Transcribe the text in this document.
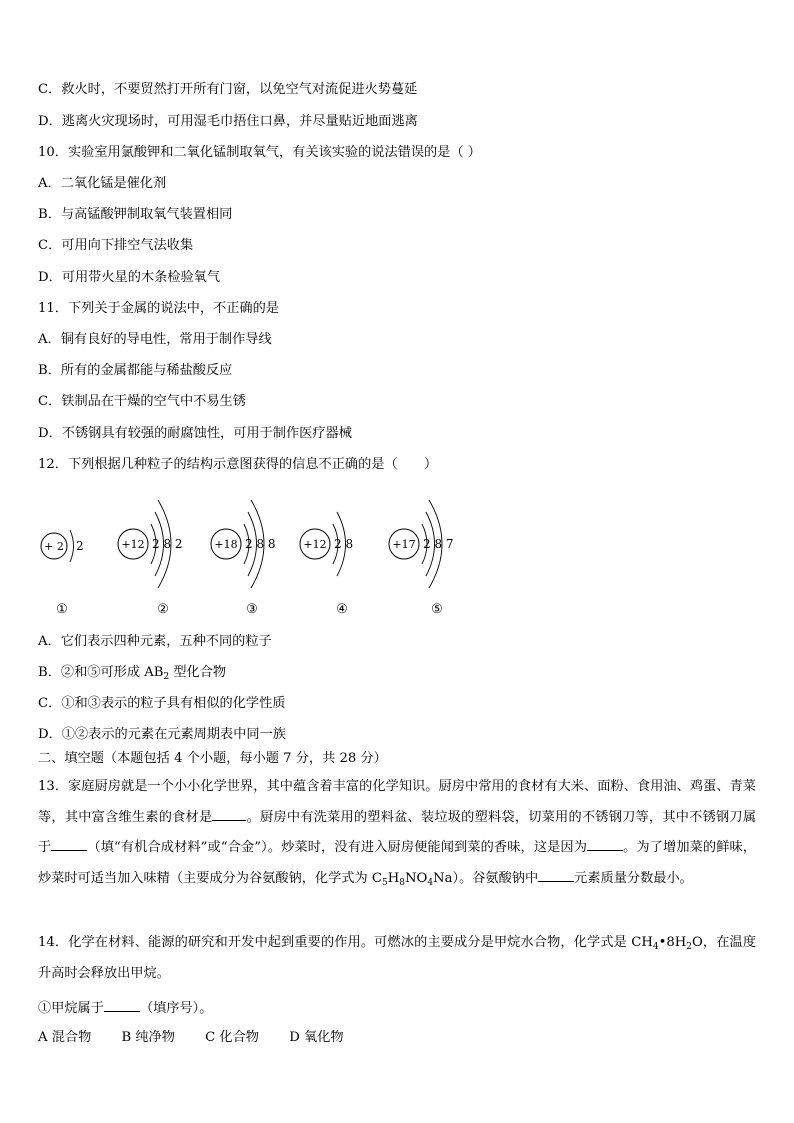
C．救火时，不要贸然打开所有门窗，以免空气对流促进火势蔓延
D．逃离火灾现场时，可用湿毛巾捂住口鼻，并尽量贴近地面逃离
10．实验室用氯酸钾和二氧化锰制取氧气，有关该实验的说法错误的是（ ）
A．二氧化锰是催化剂
B．与高锰酸钾制取氧气装置相同
C．可用向下排空气法收集
D．可用带火星的木条检验氧气
11．下列关于金属的说法中，不正确的是
A．铜有良好的导电性，常用于制作导线
B．所有的金属都能与稀盐酸反应
C．铁制品在干燥的空气中不易生锈
D．不锈钢具有较强的耐腐蚀性，可用于制作医疗器械
12．下列根据几种粒子的结构示意图获得的信息不正确的是（　　）
+ 2 2
①
+12 2 8 2
②
+18 2 8 8
③
+12 2 8
④
+17 2 8 7
⑤
A．它们表示四种元素，五种不同的粒子
B．②和⑤可形成 $AB_2$ 型化合物
C．①和③表示的粒子具有相似的化学性质
D．①②表示的元素在元素周期表中同一族
二、填空题（本题包括 4 个小题，每小题 7 分，共 28 分）
13．家庭厨房就是一个小小化学世界，其中蕴含着丰富的化学知识。厨房中常用的食材有大米、面粉、食用油、鸡蛋、青菜等，其中富含维生素的食材是	。厨房中有洗菜用的塑料盆、装垃圾的塑料袋，切菜用的不锈钢刀等，其中不锈钢刀属于	（填“有机合成材料”或“合金”）。炒菜时，没有进入厨房便能闻到菜的香味，这是因为	。为了增加菜的鲜味，炒菜时可适当加入味精（主要成分为谷氨酸钠，化学式为 $C_5H_8NO_4Na$）。谷氨酸钠中	元素质量分数最小。
14．化学在材料、能源的研究和开发中起到重要的作用。可燃冰的主要成分是甲烷水合物，化学式是 $CH_4•8H_2O$，在温度升高时会释放出甲烷。
①甲烷属于	（填序号）。
A 混合物 B 纯净物 C 化合物 D 氧化物
